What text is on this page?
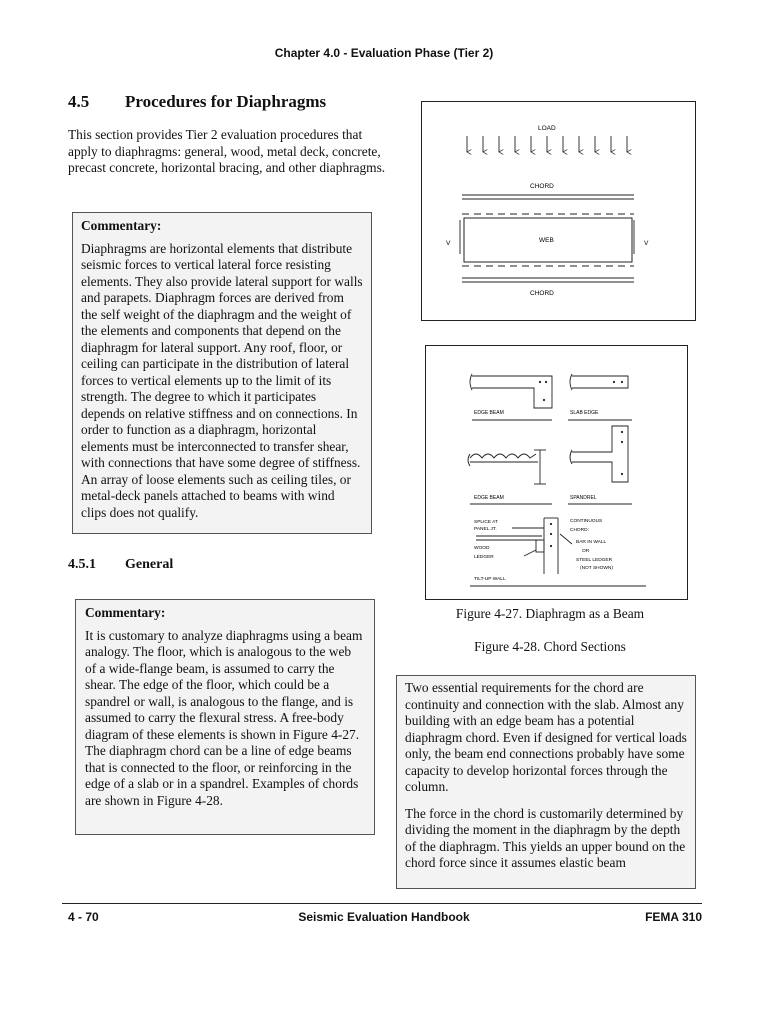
Chapter 4.0 - Evaluation Phase (Tier 2)
4.5 Procedures for Diaphragms
This section provides Tier 2 evaluation procedures that apply to diaphragms: general, wood, metal deck, concrete, precast concrete, horizontal bracing, and other diaphragms.
Commentary:
Diaphragms are horizontal elements that distribute seismic forces to vertical lateral force resisting elements. They also provide lateral support for walls and parapets. Diaphragm forces are derived from the self weight of the diaphragm and the weight of the elements and components that depend on the diaphragm for lateral support. Any roof, floor, or ceiling can participate in the distribution of lateral forces to vertical elements up to the limit of its strength. The degree to which it participates depends on relative stiffness and on connections. In order to function as a diaphragm, horizontal elements must be interconnected to transfer shear, with connections that have some degree of stiffness. An array of loose elements such as ceiling tiles, or metal-deck panels attached to beams with wind clips does not qualify.
4.5.1 General
Commentary:
It is customary to analyze diaphragms using a beam analogy. The floor, which is analogous to the web of a wide-flange beam, is assumed to carry the shear. The edge of the floor, which could be a spandrel or wall, is analogous to the flange, and is assumed to carry the flexural stress. A free-body diagram of these elements is shown in Figure 4-27. The diaphragm chord can be a line of edge beams that is connected to the floor, or reinforcing in the edge of a slab or in a spandrel. Examples of chords are shown in Figure 4-28.
LOAD
CHORD
WEB
V	V
CHORD
EDGE BEAM	SLAB EDGE
EDGE BEAM	SPANDREL
SPLICE AT
PANEL JT.
WOOD
LEDGER
CONTINUOUS
CHORD:
BAR IN WALL
OR
STEEL LEDGER
(NOT SHOWN)
TILT-UP WALL
Figure 4-27. Diaphragm as a Beam
Figure 4-28. Chord Sections

Two essential requirements for the chord are continuity and connection with the slab. Almost any building with an edge beam has a potential diaphragm chord. Even if designed for vertical loads only, the beam end connections probably have some capacity to develop horizontal forces through the column.

The force in the chord is customarily determined by dividing the moment in the diaphragm by the depth of the diaphragm. This yields an upper bound on the chord force since it assumes elastic beam

4 - 70	Seismic Evaluation Handbook	FEMA 310
